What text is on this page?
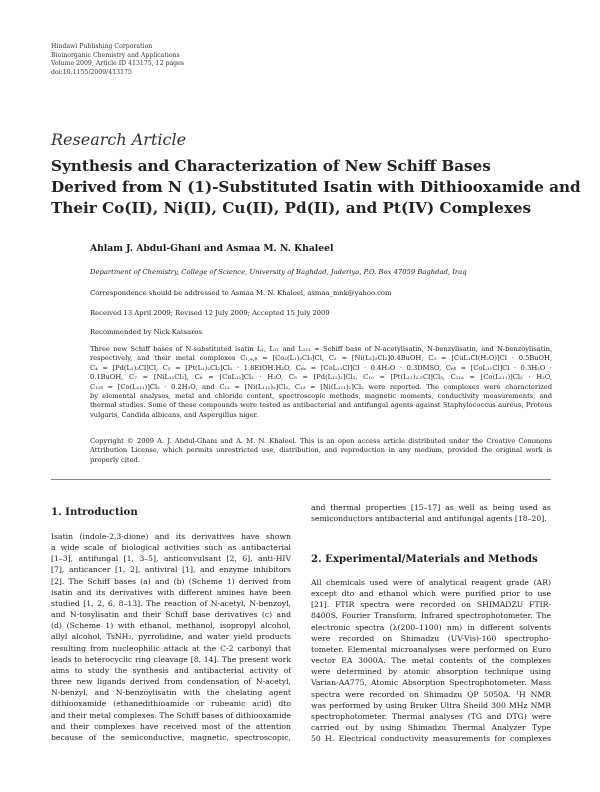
Hindawi Publishing Corporation
Bioinorganic Chemistry and Applications
Volume 2009, Article ID 413175, 12 pages
doi:10.1155/2009/413175
Research Article
Synthesis and Characterization of New Schiff Bases
Derived from N (1)-Substituted Isatin with Dithiooxamide and
Their Co(II), Ni(II), Cu(II), Pd(II), and Pt(IV) Complexes
Ahlam J. Abdul-Ghani and Asmaa M. N. Khaleel
Department of Chemistry, College of Science, University of Baghdad, Jaderiya, P.O. Box 47059 Baghdad, Iraq
Correspondence should be addressed to Asmaa M. N. Khaleel, asmaa_mnk@yahoo.com
Received 13 April 2009; Revised 12 July 2009; Accepted 15 July 2009
Recommended by Nick Katsaros
Three new Schiff bases of N-substituted isatin L₁, L₁₁ and L₁₁₁ = Schiff base of N-acetylisatin, N-benzylisatin, and N-benzoylisatin,
respectively, and their metal complexes C₁,ₐ,ᵦ = [Co₂(L₁)₂Cl₃]Cl, C₂ = [Ni(L₁)₂Cl₂]0.4BuOH, C₃ = [CuL₁Cl(H₂O)]Cl · 0.5BuOH,
C₄ = [Pd(L₁)₂Cl]Cl, C₅ = [Pt(L₁)₂Cl₂]Cl₂ · 1.8EtOH.H₂O, C₆ₐ = [CoL₁₁Cl]Cl · 0.4H₂O · 0.3DMSO, C₆ᵦ = [CoL₁₁Cl]Cl · 0.3H₂O ·
0.1BuOH, C₇ = [NiL₁₁Cl₂], C₈ = [CuL₁₁]Cl₂ · H₂O, C₉ = [Pd(L₁₁)₂]Cl₂, C₁₀ = [Pt(L₁₁)₂.₅Cl]Cl₃, C₁₁ₐ = [Co(L₁₁₁)]Cl₂ · H₂O,
C₁₁ᵦ = [Co(L₁₁₁)]Cl₂ · 0.2H₂O, and C₁₂ = [Ni(L₁₁₁)₂]Cl₂, C₁₃ = [Ni(L₁₁₁)₂]Cl₂ were reported. The complexes were characterized
by elemental analyses, metal and chloride content, spectroscopic methods, magnetic moments, conductivity measurements, and
thermal studies. Some of these compounds were tested as antibacterial and antifungal agents against Staphylococcus aureus, Proteus
vulgaris, Candida albicans, and Aspergillus niger.
Copyright © 2009 A. J. Abdul-Ghani and A. M. N. Khaleel. This is an open access article distributed under the Creative Commons
Attribution License, which permits unrestricted use, distribution, and reproduction in any medium, provided the original work is
properly cited.
1. Introduction
Isatin (indole-2,3-dione) and its derivatives have shown
a wide scale of biological activities such as antibacterial
[1–3], antifungal [1, 3–5], anticonvulsant [2, 6], anti-HIV
[7], anticancer [1, 2], antiviral [1], and enzyme inhibitors
[2]. The Schiff bases (a) and (b) (Scheme 1) derived from
isatin and its derivatives with different amines have been
studied [1, 2, 6, 8–13]. The reaction of N-acetyl, N-benzoyl,
and N-tosylisatin and their Schiff base derivatives (c) and
(d) (Scheme 1) with ethanol, methanol, isopropyl alcohol,
allyl alcohol, TsNH₂, pyrrolidine, and water yield products
resulting from nucleophilic attack at the C-2 carbonyl that
leads to heterocyclic ring cleavage [8, 14]. The present work
aims to study the synthesis and antibacterial activity of
three new ligands derived from condensation of N-acetyl,
N-benzyl, and N-benzoylisatin with the chelating agent
dithiooxamide (ethanedithioamide or rubeanic acid) dto
and their metal complexes. The Schiff bases of dithiooxamide
and their complexes have received most of the attention
because of the semiconductive, magnetic, spectroscopic,
and thermal properties [15–17] as well as being used as
semiconductors antibacterial and antifungal agents [18–20].
2. Experimental/Materials and Methods
All chemicals used were of analytical reagent grade (AR)
except dto and ethanol which were purified prior to use
[21]. FTIR spectra were recorded on SHIMADZU FTIR-
8400S, Fourier Transform, Infrared spectrophotometer. The
electronic spectra (λ(200–1100) nm) in different solvents
were recorded on Shimadzu (UV-Vis)-160 spectropho-
tometer. Elemental microanalyses were performed on Euro
vector EA 3000A. The metal contents of the complexes
were determined by atomic absorption technique using
Varian-AA775, Atomic Absorption Spectrophotometer. Mass
spectra were recorded on Shimadzu QP 5050A. ¹H NMR
was performed by using Bruker Ultra Sheild 300 MHz NMR
spectrophotometer. Thermal analyses (TG and DTG) were
carried out by using Shimadzu Thermal Analyzer Type
50 H. Electrical conductivity measurements for complexes
